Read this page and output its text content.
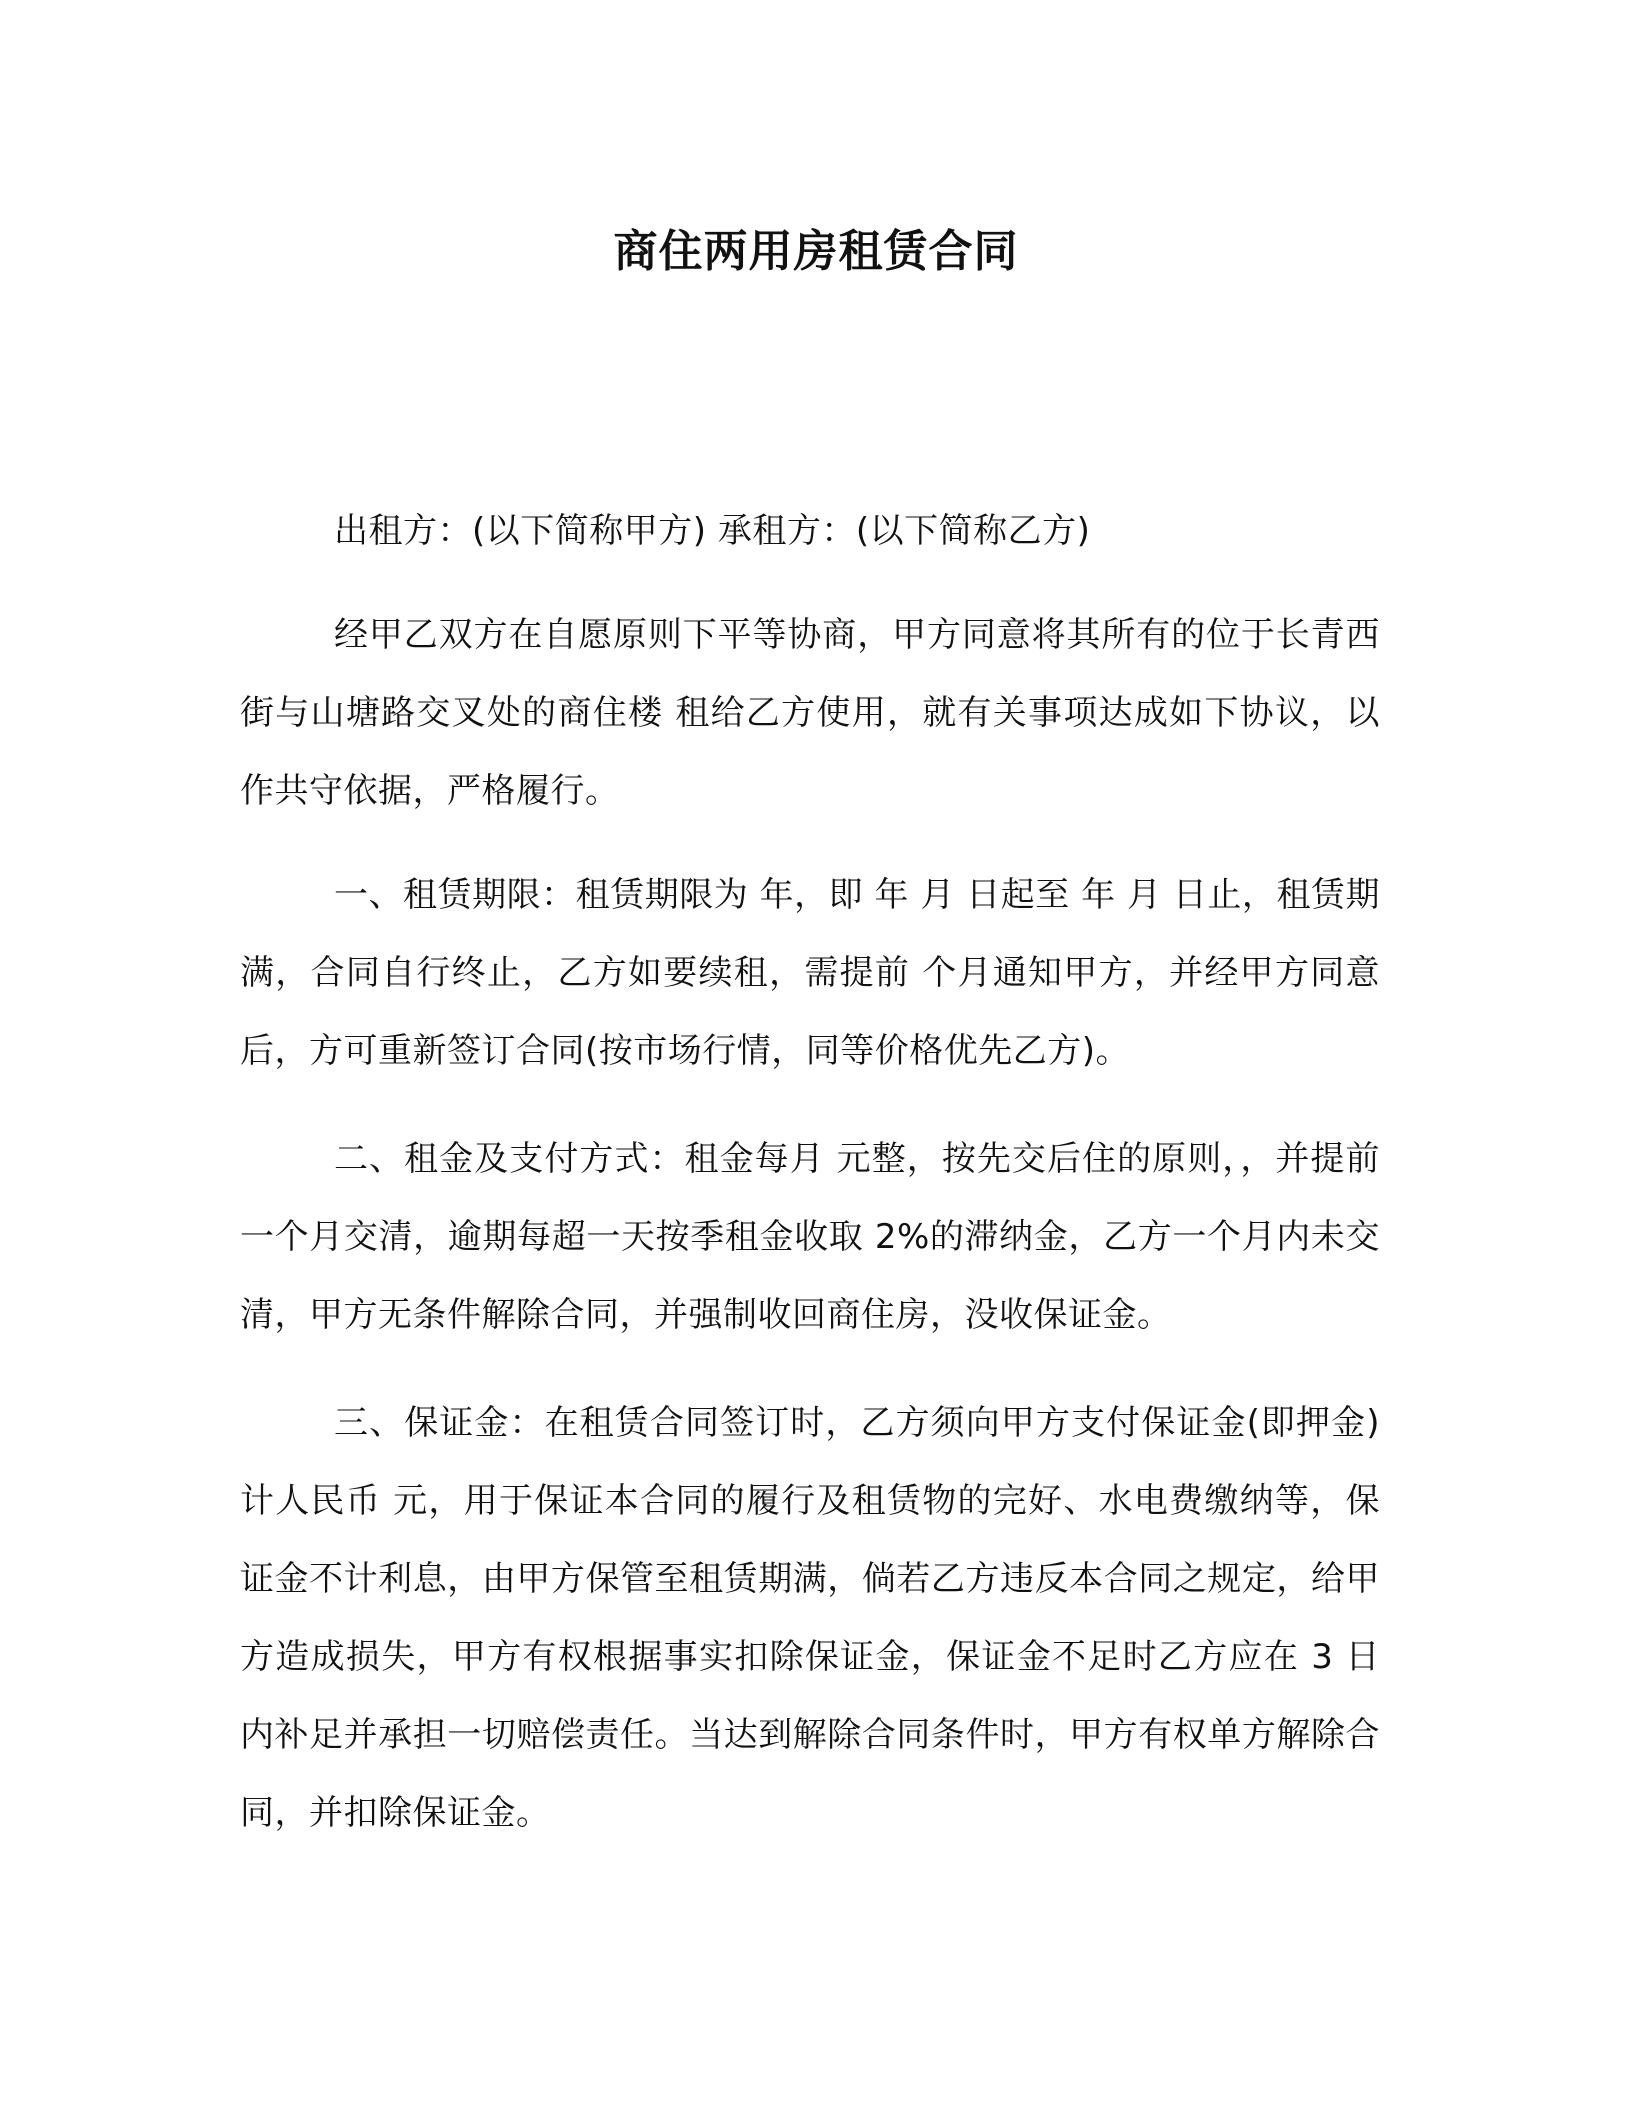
商住两用房租赁合同

出租方：(以下简称甲方) 承租方：(以下简称乙方)

经甲乙双方在自愿原则下平等协商，甲方同意将其所有的位于长青西街与山塘路交叉处的商住楼 租给乙方使用，就有关事项达成如下协议，以作共守依据，严格履行。

一、租赁期限：租赁期限为 年，即 年 月 日起至 年 月 日止，租赁期满，合同自行终止，乙方如要续租，需提前 个月通知甲方，并经甲方同意后，方可重新签订合同(按市场行情，同等价格优先乙方)。

二、租金及支付方式：租金每月 元整，按先交后住的原则，，并提前一个月交清，逾期每超一天按季租金收取 2%的滞纳金，乙方一个月内未交清，甲方无条件解除合同，并强制收回商住房，没收保证金。

三、保证金：在租赁合同签订时，乙方须向甲方支付保证金(即押金)计人民币 元，用于保证本合同的履行及租赁物的完好、水电费缴纳等，保证金不计利息，由甲方保管至租赁期满，倘若乙方违反本合同之规定，给甲方造成损失，甲方有权根据事实扣除保证金，保证金不足时乙方应在 3 日内补足并承担一切赔偿责任。当达到解除合同条件时，甲方有权单方解除合同，并扣除保证金。
